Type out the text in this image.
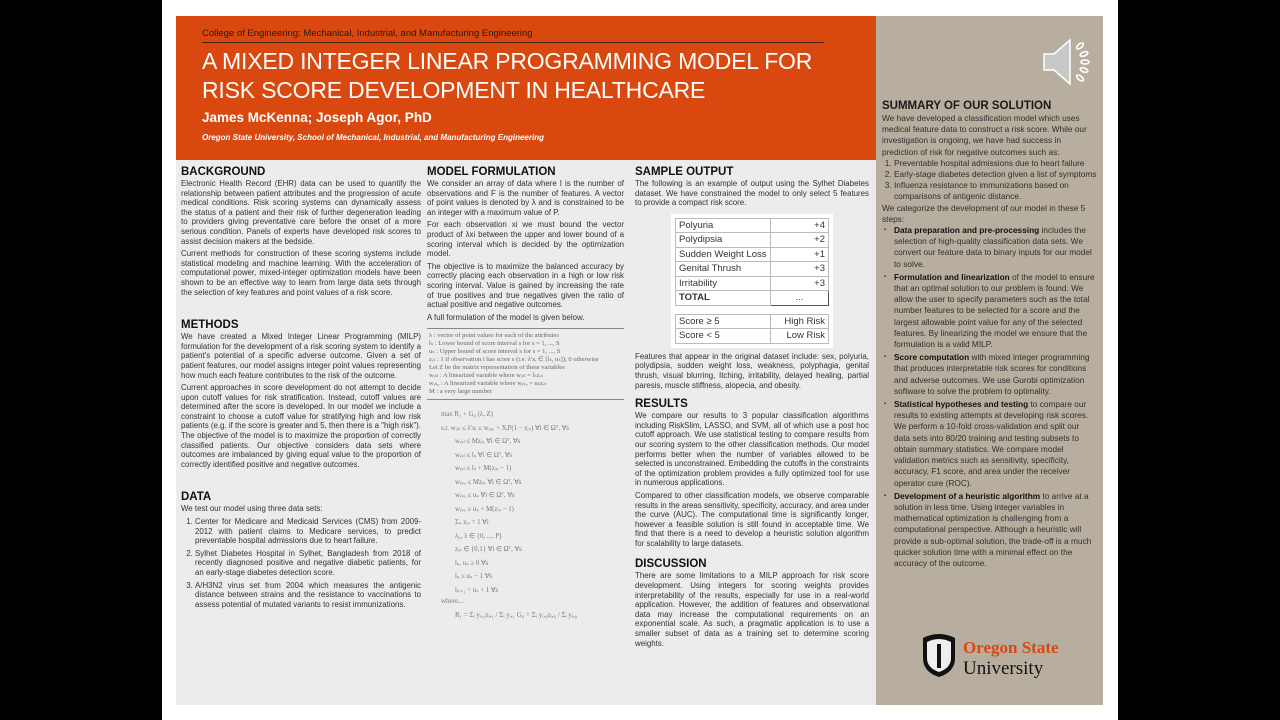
College of Engineering: Mechanical, Industrial, and Manufacturing Engineering
A MIXED INTEGER LINEAR PROGRAMMING MODEL FOR
RISK SCORE DEVELOPMENT IN HEALTHCARE
James McKenna; Joseph Agor, PhD
Oregon State University, School of Mechanical, Industrial, and Manufacturing Engineering
BACKGROUND

Electronic Health Record (EHR) data can be used to quantify the relationship between patient attributes and the progression of acute medical conditions. Risk scoring systems can dynamically assess the status of a patient and their risk of further degeneration leading to providers giving preventative care before the onset of a more serious condition. Panels of experts have developed risk scores to assist decision makers at the bedside.

Current methods for construction of these scoring systems include statistical modeling and machine learning. With the acceleration of computational power, mixed-integer optimization models have been shown to be an effective way to learn from large data sets through the selection of key features and point values of a risk score.

METHODS

We have created a Mixed Integer Linear Programming (MILP) formulation for the development of a risk scoring system to identify a patient's potential of a specific adverse outcome. Given a set of patient features, our model assigns integer point values representing how much each feature contributes to the risk of the outcome.

Current approaches in score development do not attempt to decide upon cutoff values for risk stratification. Instead, cutoff values are determined after the score is developed. In our model we include a constraint to choose a cutoff value for stratifying high and low risk patients (e.g. if the score is greater and 5, then there is a "high risk"). The objective of the model is to maximize the proportion of correctly classified patients. Our objective considers data sets where outcomes are imbalanced by giving equal value to the proportion of correctly identified positive and negative outcomes.

DATA

We test our model using three data sets:

1. Center for Medicare and Medicaid Services (CMS) from 2009-2012 with patient claims to Medicare services, to predict preventable hospital admissions due to heart failure.
2. Sylhet Diabetes Hospital in Sylhet, Bangladesh from 2018 of recently diagnosed positive and negative diabetic patients, for an early-stage diabetes detection score.
3. A/H3N2 virus set from 2004 which measures the antigenic distance between strains and the resistance to vaccinations to assess potential of mutated variants to resist immunizations.
MODEL FORMULATION

We consider an array of data where I is the number of observations and F is the number of features. A vector of point values is denoted by λ and is constrained to be an integer with a maximum value of P.

For each observation xi we must bound the vector product of λxi between the upper and lower bound of a scoring interval which is decided by the optimization model.

The objective is to maximize the balanced accuracy by correctly placing each observation in a high or low risk scoring interval. Value is gained by increasing the rate of true positives and true negatives given the ratio of actual positive and negative outcomes.

A full formulation of the model is given below.

λ : vector of point values for each of the attributes
lₛ : Lower bound of score interval s for s = 1, ..., S
uₛ : Upper bound of score interval s for s = 1, ..., S
zᵢₛ : 1 if observation i has score s (i.e. λ'xᵢ ∈ [lₛ, uₛ]); 0 otherwise
Let Z be the matrix representation of these variables
wᵢₛₗ : A linearized variable where wᵢₛₗ = lₛzᵢₛ
wᵢₛᵤ : A linearized variable where wᵢₛᵤ = uₛzᵢₛ
M : a very large number
max R₁ + G₀ (λ, Z)
s.t. wᵢₛₗ ≤ λ'xᵢ ≤ wᵢₛᵤ + XᵢP(1 − zᵢₛ) ∀i ∈ Ωᵀ, ∀s
wᵢₛₗ ≤ Mzᵢₛ ∀i ∈ Ωᵀ, ∀s
wᵢₛₗ ≤ lₛ ∀i ∈ Ωᵀ, ∀s
wᵢₛₗ ≥ lₛ + M(zᵢₛ − 1)
wᵢₛᵤ ≤ Mzᵢₛ ∀i ∈ Ωᵀ, ∀s
wᵢₛᵤ ≤ uₛ ∀i ∈ Ωᵀ, ∀s
wᵢₛᵤ ≥ uₛ + M(zᵢₛ − 1)
Σₛ zᵢₛ = 1 ∀i
λ₀, λ ∈ {0, ..., P}
zᵢₛ ∈ {0,1} ∀i ∈ Ωᵀ, ∀s
lₛ, uₛ ≥ 0 ∀s
lₛ ≤ uₛ − 1 ∀s
lₛ₊₁ = uₛ + 1 ∀s
where...
R₁ = Σᵢ yᵢ,₁zᵢ,₁ / Σᵢ yᵢ,₁ G₀ = Σᵢ yᵢ,₀zᵢ,₀ / Σᵢ yᵢ,₀
SAMPLE OUTPUT

The following is an example of output using the Sylhet Diabetes dataset. We have constrained the model to only select 5 features to provide a compact risk score.

Polyuria	+4
Polydipsia	+2
Sudden Weight Loss	+1
Genital Thrush	+3
Irritability	+3
TOTAL	...
Score ≥ 5	High Risk
Score < 5	Low Risk

Features that appear in the original dataset include: sex, polyuria, polydipsia, sudden weight loss, weakness, polyphagia, genital thrush, visual blurring, Itching, irritability, delayed healing, partial paresis, muscle stiffness, alopecia, and obesity.

RESULTS

We compare our results to 3 popular classification algorithms including RiskSlim, LASSO, and SVM, all of which use a post hoc cutoff approach. We use statistical testing to compare results from our scoring system to the other classification methods. Our model performs better when the number of variables allowed to be selected is unconstrained. Embedding the cutoffs in the constraints of the optimization problem provides a fully optimized tool for use in numerous applications.

Compared to other classification models, we observe comparable results in the areas sensitivity, specificity, accuracy, and area under the curve (AUC). The computational time is significantly longer, however a feasible solution is still found in acceptable time. We find that there is a need to develop a heuristic solution algorithm for scalability to large datasets.

DISCUSSION

There are some limitations to a MILP approach for risk score development. Using integers for scoring weights provides interpretability of the results, especially for use in a real-world application. However, the addition of features and observational data may increase the computational requirements on an exponential scale. As such, a pragmatic application is to use a smaller subset of data as a training set to determine scoring weights.

SUMMARY OF OUR SOLUTION

We have developed a classification model which uses medical feature data to construct a risk score. While our investigation is ongoing, we have had success in prediction of risk for negative outcomes such as:

1. Preventable hospital admissions due to heart failure
2. Early-stage diabetes detection given a list of symptoms
3. Influenza resistance to immunizations based on comparisons of antigenic distance.

We categorize the development of our model in these 5 steps:

▪ Data preparation and pre-processing includes the selection of high-quality classification data sets. We convert our feature data to binary inputs for our model to solve.
▪ Formulation and linearization of the model to ensure that an optimal solution to our problem is found. We allow the user to specify parameters such as the total number features to be selected for a score and the largest allowable point value for any of the selected features. By linearizing the model we ensure that the formulation is a valid MILP.
▪ Score computation with mixed integer programming that produces interpretable risk scores for conditions and adverse outcomes. We use Gurobi optimization software to solve the problem to optimality.
▪ Statistical hypotheses and testing to compare our results to existing attempts at developing risk scores. We perform a 10-fold cross-validation and split our data sets into 80/20 training and testing subsets to obtain summary statistics. We compare model validation metrics such as sensitivity, specificity, accuracy, F1 score, and area under the receiver operator cure (ROC).
▪ Development of a heuristic algorithm to arrive at a solution in less time. Using integer variables in mathematical optimization is challenging from a computational perspective. Although a heuristic will provide a sub-optimal solution, the trade-off is a much quicker solution time with a minimal effect on the accuracy of the outcome.
Oregon State
University
